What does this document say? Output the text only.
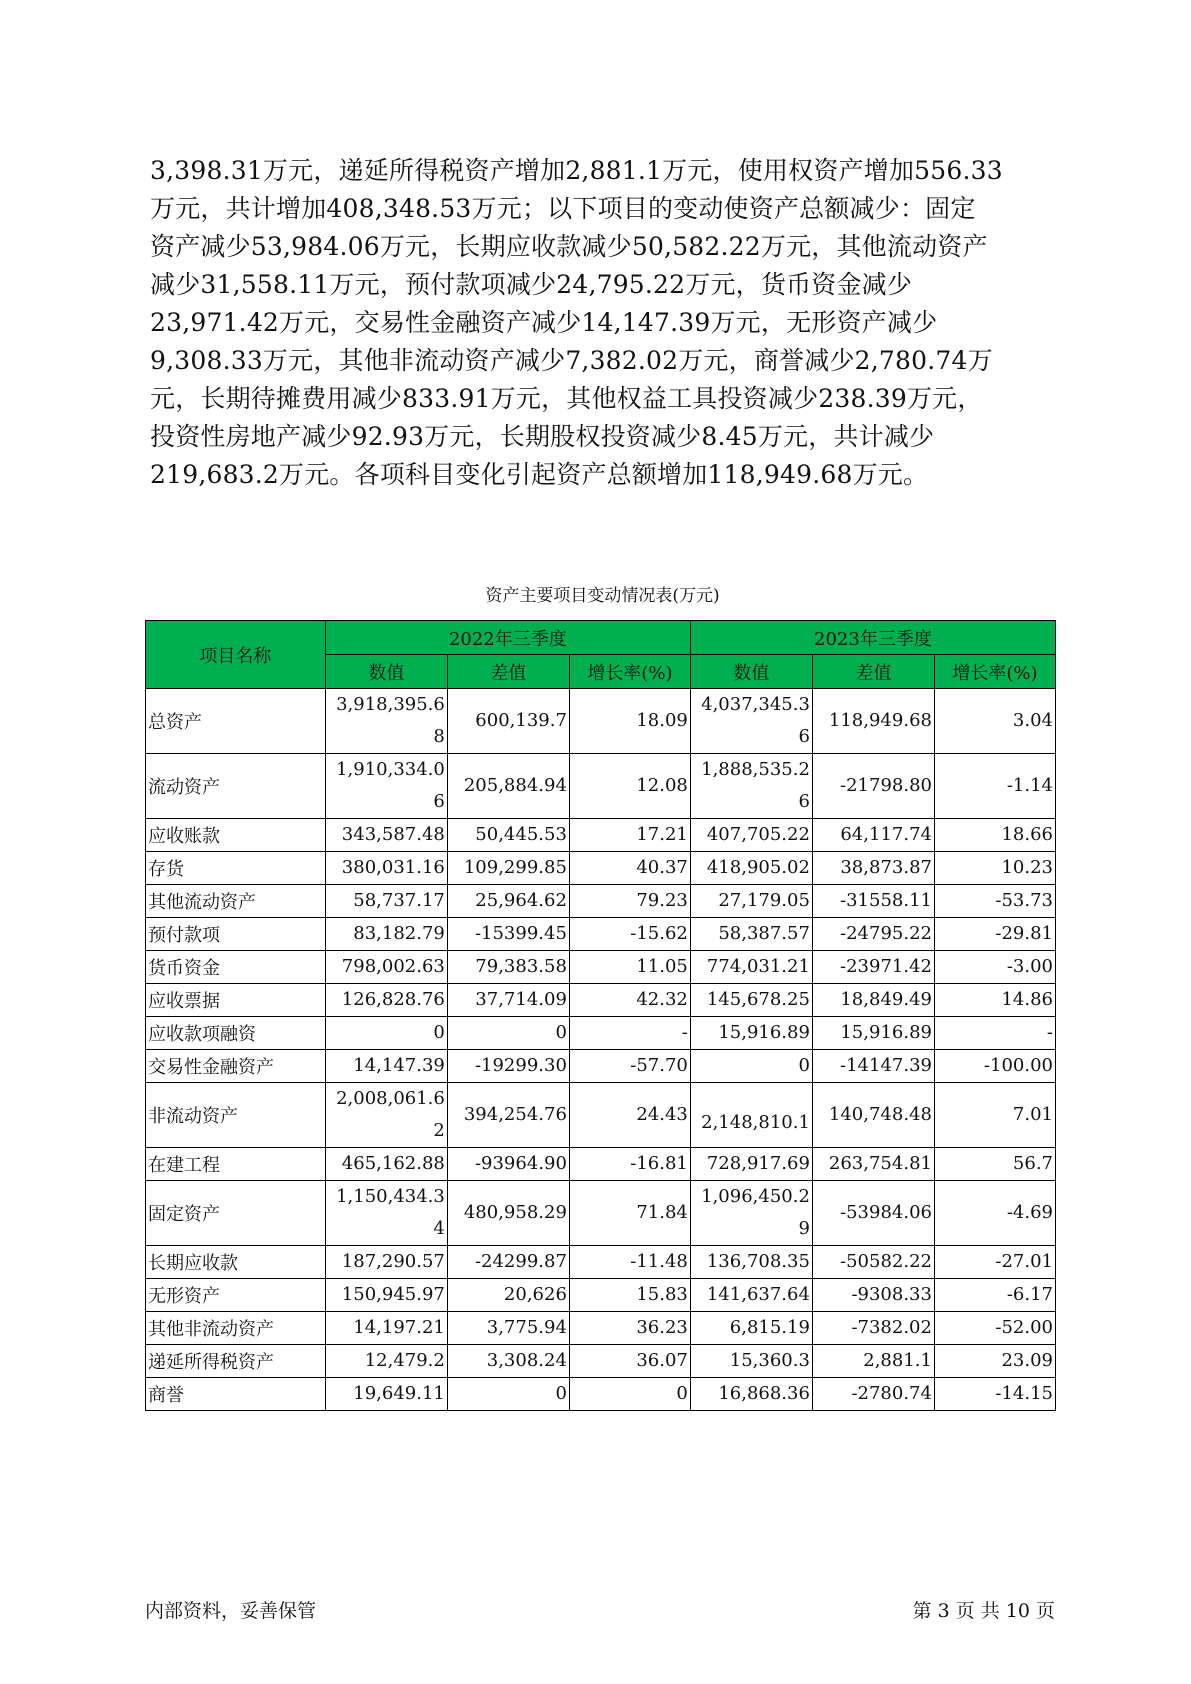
3,398.31万元，递延所得税资产增加2,881.1万元，使用权资产增加556.33
万元，共计增加408,348.53万元；以下项目的变动使资产总额减少：固定
资产减少53,984.06万元，长期应收款减少50,582.22万元，其他流动资产
减少31,558.11万元，预付款项减少24,795.22万元，货币资金减少
23,971.42万元，交易性金融资产减少14,147.39万元，无形资产减少
9,308.33万元，其他非流动资产减少7,382.02万元，商誉减少2,780.74万
元，长期待摊费用减少833.91万元，其他权益工具投资减少238.39万元，
投资性房地产减少92.93万元，长期股权投资减少8.45万元，共计减少
219,683.2万元。各项科目变化引起资产总额增加118,949.68万元。
资产主要项目变动情况表(万元)
项目名称	2022年三季度			2023年三季度		
	数值	差值	增长率(%)	数值	差值	增长率(%)
总资产	3,918,395.68	600,139.7	18.09	4,037,345.36	118,949.68	3.04
流动资产	1,910,334.06	205,884.94	12.08	1,888,535.26	-21798.80	-1.14
应收账款	343,587.48	50,445.53	17.21	407,705.22	64,117.74	18.66
存货	380,031.16	109,299.85	40.37	418,905.02	38,873.87	10.23
其他流动资产	58,737.17	25,964.62	79.23	27,179.05	-31558.11	-53.73
预付款项	83,182.79	-15399.45	-15.62	58,387.57	-24795.22	-29.81
货币资金	798,002.63	79,383.58	11.05	774,031.21	-23971.42	-3.00
应收票据	126,828.76	37,714.09	42.32	145,678.25	18,849.49	14.86
应收款项融资	0	0	-	15,916.89	15,916.89	-
交易性金融资产	14,147.39	-19299.30	-57.70	0	-14147.39	-100.00
非流动资产	2,008,061.62	394,254.76	24.43	2,148,810.1	140,748.48	7.01
在建工程	465,162.88	-93964.90	-16.81	728,917.69	263,754.81	56.7
固定资产	1,150,434.34	480,958.29	71.84	1,096,450.29	-53984.06	-4.69
长期应收款	187,290.57	-24299.87	-11.48	136,708.35	-50582.22	-27.01
无形资产	150,945.97	20,626	15.83	141,637.64	-9308.33	-6.17
其他非流动资产	14,197.21	3,775.94	36.23	6,815.19	-7382.02	-52.00
递延所得税资产	12,479.2	3,308.24	36.07	15,360.3	2,881.1	23.09
商誉	19,649.11	0	0	16,868.36	-2780.74	-14.15
内部资料，妥善保管	第 3 页 共 10 页
